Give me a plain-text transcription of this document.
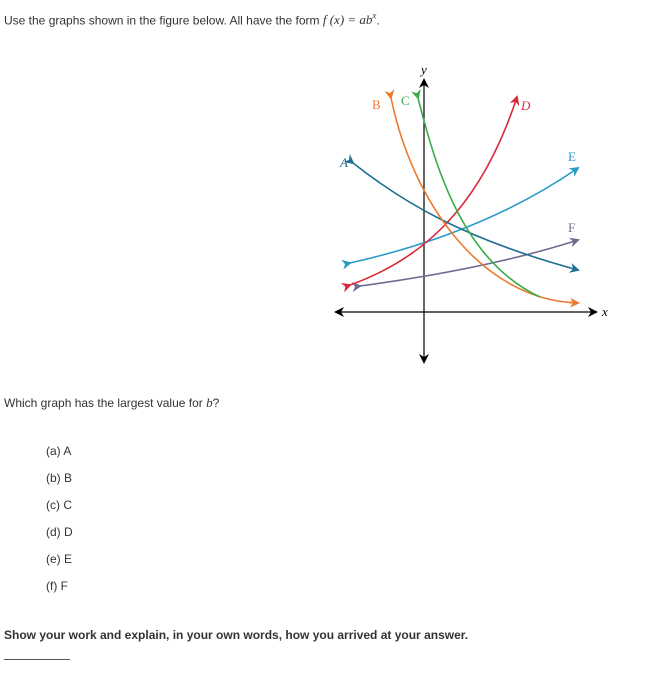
Use the graphs shown in the figure below. All have the form f $(x) = ab^x$.
x
y
A
B C	D
E
F
Which graph has the largest value for b?
(a) A
(b) B
(c) C
(d) D
(e) E
(f) F
Show your work and explain, in your own words, how you arrived at your answer.
